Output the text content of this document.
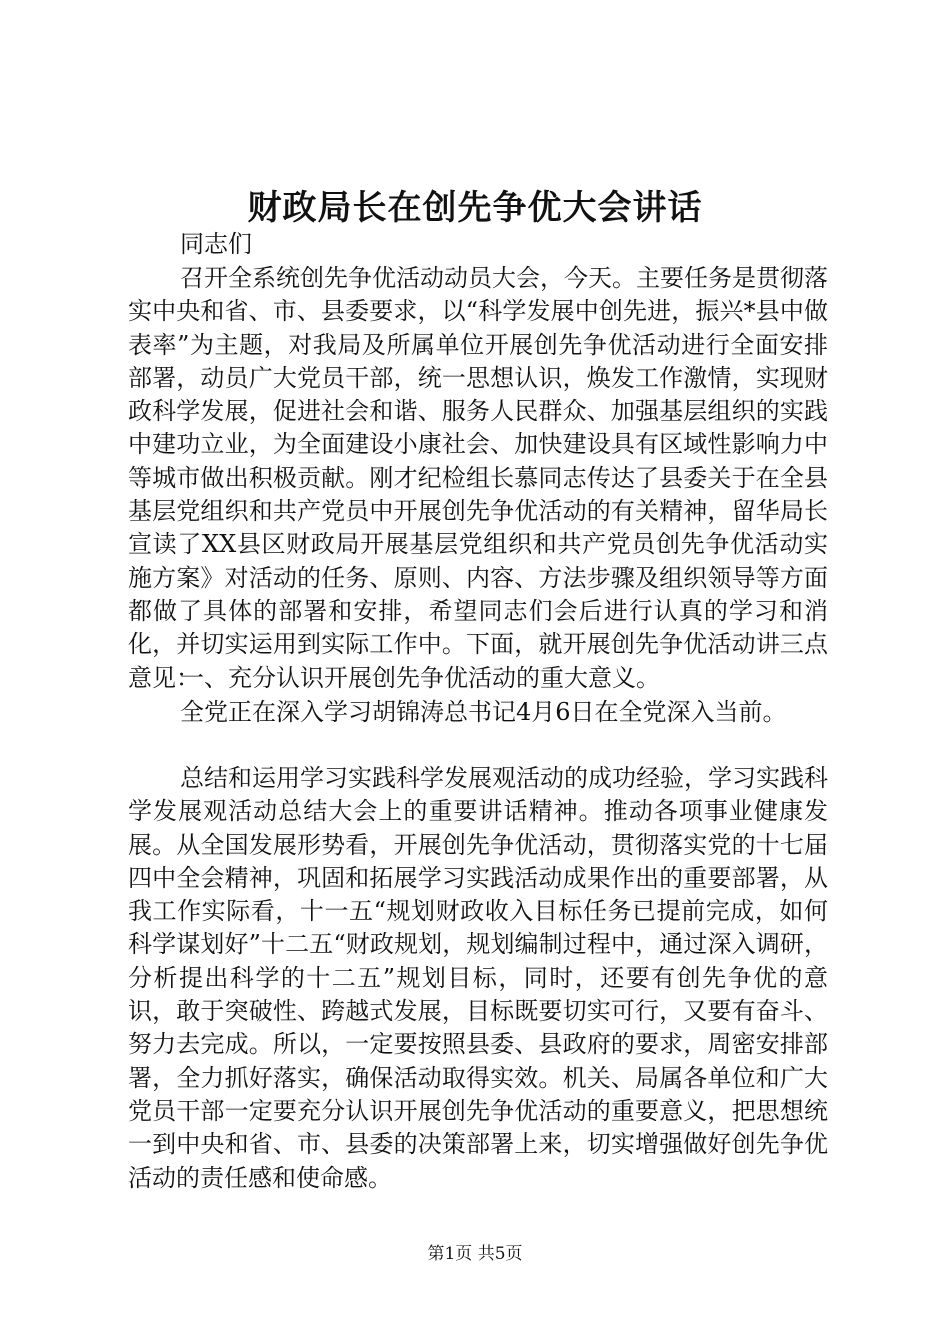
财政局长在创先争优大会讲话

同志们

召开全系统创先争优活动动员大会，今天。主要任务是贯彻落实中央和省、市、县委要求，以“科学发展中创先进，振兴*县中做表率”为主题，对我局及所属单位开展创先争优活动进行全面安排部署，动员广大党员干部，统一思想认识，焕发工作激情，实现财政科学发展，促进社会和谐、服务人民群众、加强基层组织的实践中建功立业，为全面建设小康社会、加快建设具有区域性影响力中等城市做出积极贡献。刚才纪检组长慕同志传达了县委关于在全县基层党组织和共产党员中开展创先争优活动的有关精神，留华局长宣读了XX县区财政局开展基层党组织和共产党员创先争优活动实施方案》对活动的任务、原则、内容、方法步骤及组织领导等方面都做了具体的部署和安排，希望同志们会后进行认真的学习和消化，并切实运用到实际工作中。下面，就开展创先争优活动讲三点意见：

一、充分认识开展创先争优活动的重大意义。

全党正在深入学习胡锦涛总书记4月6日在全党深入当前。

总结和运用学习实践科学发展观活动的成功经验，学习实践科学发展观活动总结大会上的重要讲话精神。推动各项事业健康发展。从全国发展形势看，开展创先争优活动，贯彻落实党的十七届四中全会精神，巩固和拓展学习实践活动成果作出的重要部署，从我工作实际看，十一五“规划财政收入目标任务已提前完成，如何科学谋划好”十二五“财政规划，规划编制过程中，通过深入调研，分析提出科学的十二五”规划目标，同时，还要有创先争优的意识，敢于突破性、跨越式发展，目标既要切实可行，又要有奋斗、努力去完成。所以，一定要按照县委、县政府的要求，周密安排部署，全力抓好落实，确保活动取得实效。机关、局属各单位和广大党员干部一定要充分认识开展创先争优活动的重要意义，把思想统一到中央和省、市、县委的决策部署上来，切实增强做好创先争优活动的责任感和使命感。

第1页 共5页
